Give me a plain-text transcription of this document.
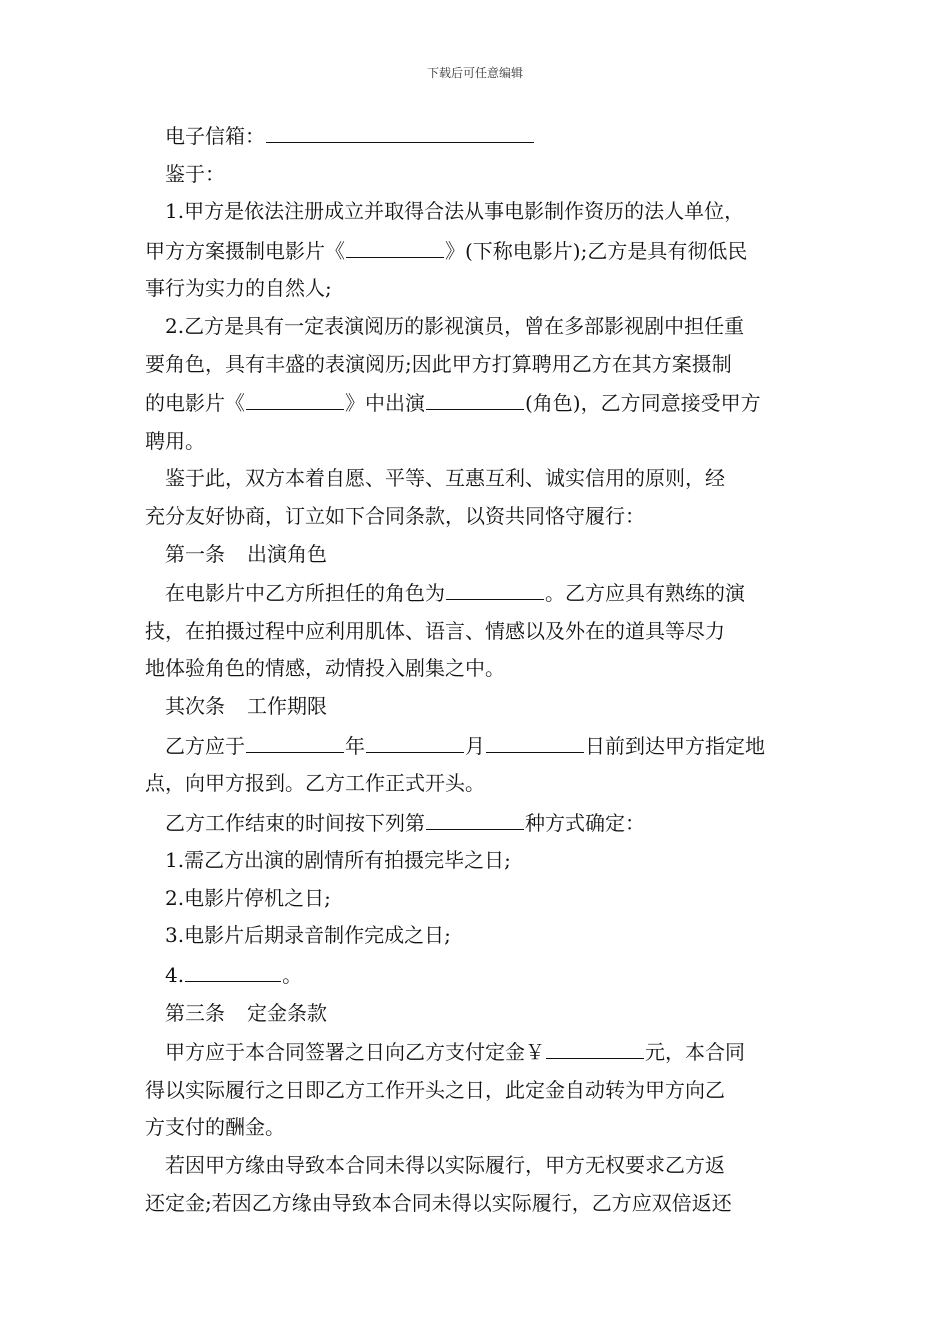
下载后可任意编辑

电子信箱：

鉴于：

1.甲方是依法注册成立并取得合法从事电影制作资历的法人单位，

甲方方案摄制电影片《	》(下称电影片);乙方是具有彻低民

事行为实力的自然人;

2.乙方是具有一定表演阅历的影视演员，曾在多部影视剧中担任重

要角色，具有丰盛的表演阅历;因此甲方打算聘用乙方在其方案摄制

的电影片《	》中出演	(角色)，乙方同意接受甲方

聘用。

鉴于此，双方本着自愿、平等、互惠互利、诚实信用的原则，经

充分友好协商，订立如下合同条款，以资共同恪守履行：

第一条 出演角色

在电影片中乙方所担任的角色为	。乙方应具有熟练的演

技，在拍摄过程中应利用肌体、语言、情感以及外在的道具等尽力

地体验角色的情感，动情投入剧集之中。

其次条 工作期限

乙方应于	年	月	日前到达甲方指定地

点，向甲方报到。乙方工作正式开头。

乙方工作结束的时间按下列第	种方式确定：

1.需乙方出演的剧情所有拍摄完毕之日;

2.电影片停机之日;

3.电影片后期录音制作完成之日;

4.	。

第三条 定金条款

甲方应于本合同签署之日向乙方支付定金￥	元，本合同

得以实际履行之日即乙方工作开头之日，此定金自动转为甲方向乙

方支付的酬金。

若因甲方缘由导致本合同未得以实际履行，甲方无权要求乙方返

还定金;若因乙方缘由导致本合同未得以实际履行，乙方应双倍返还
